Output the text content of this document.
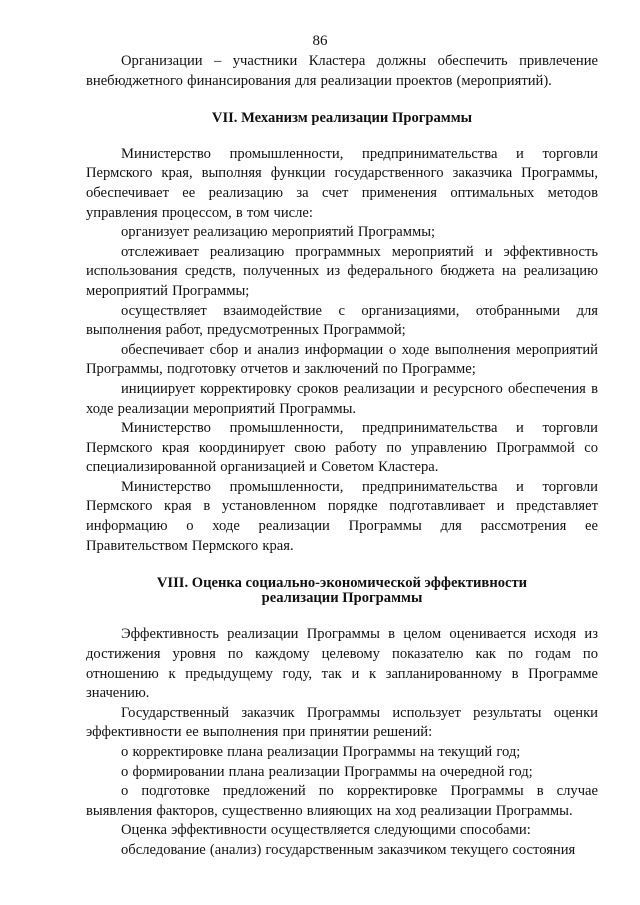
86

Организации – участники Кластера должны обеспечить привлечение внебюджетного финансирования для реализации проектов (мероприятий).

VII. Механизм реализации Программы

Министерство промышленности, предпринимательства и торговли Пермского края, выполняя функции государственного заказчика Программы, обеспечивает ее реализацию за счет применения оптимальных методов управления процессом, в том числе:

организует реализацию мероприятий Программы;

отслеживает реализацию программных мероприятий и эффективность использования средств, полученных из федерального бюджета на реализацию мероприятий Программы;

осуществляет взаимодействие с организациями, отобранными для выполнения работ, предусмотренных Программой;

обеспечивает сбор и анализ информации о ходе выполнения мероприятий Программы, подготовку отчетов и заключений по Программе;

инициирует корректировку сроков реализации и ресурсного обеспечения в ходе реализации мероприятий Программы.

Министерство промышленности, предпринимательства и торговли Пермского края координирует свою работу по управлению Программой со специализированной организацией и Советом Кластера.

Министерство промышленности, предпринимательства и торговли Пермского края в установленном порядке подготавливает и представляет информацию о ходе реализации Программы для рассмотрения ее Правительством Пермского края.

VIII. Оценка социально-экономической эффективности
реализации Программы

Эффективность реализации Программы в целом оценивается исходя из достижения уровня по каждому целевому показателю как по годам по отношению к предыдущему году, так и к запланированному в Программе значению.

Государственный заказчик Программы использует результаты оценки эффективности ее выполнения при принятии решений:

о корректировке плана реализации Программы на текущий год;

о формировании плана реализации Программы на очередной год;

о подготовке предложений по корректировке Программы в случае выявления факторов, существенно влияющих на ход реализации Программы.

Оценка эффективности осуществляется следующими способами:

обследование (анализ) государственным заказчиком текущего состояния
